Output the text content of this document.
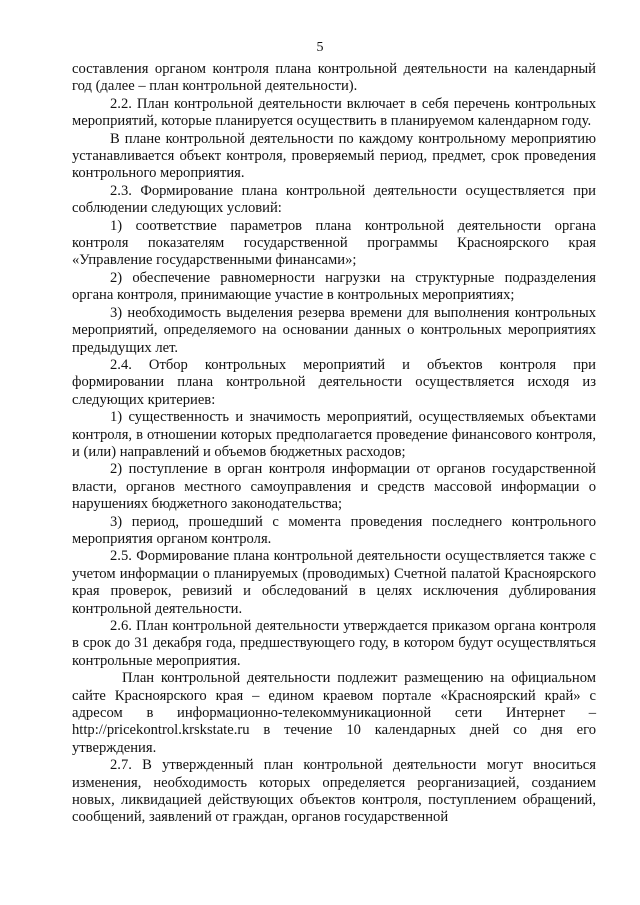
5

составления органом контроля плана контрольной деятельности на календарный год (далее – план контрольной деятельности).

2.2. План контрольной деятельности включает в себя перечень контрольных мероприятий, которые планируется осуществить в планируемом календарном году.

В плане контрольной деятельности по каждому контрольному мероприятию устанавливается объект контроля, проверяемый период, предмет, срок проведения контрольного мероприятия.

2.3. Формирование плана контрольной деятельности осуществляется при соблюдении следующих условий:

1) соответствие параметров плана контрольной деятельности органа контроля показателям государственной программы Красноярского края «Управление государственными финансами»;

2) обеспечение равномерности нагрузки на структурные подразделения органа контроля, принимающие участие в контрольных мероприятиях;

3) необходимость выделения резерва времени для выполнения контрольных мероприятий, определяемого на основании данных о контрольных мероприятиях предыдущих лет.

2.4. Отбор контрольных мероприятий и объектов контроля при формировании плана контрольной деятельности осуществляется исходя из следующих критериев:

1) существенность и значимость мероприятий, осуществляемых объектами контроля, в отношении которых предполагается проведение финансового контроля, и (или) направлений и объемов бюджетных расходов;

2) поступление в орган контроля информации от органов государственной власти, органов местного самоуправления и средств массовой информации о нарушениях бюджетного законодательства;

3) период, прошедший с момента проведения последнего контрольного мероприятия органом контроля.

2.5. Формирование плана контрольной деятельности осуществляется также с учетом информации о планируемых (проводимых) Счетной палатой Красноярского края проверок, ревизий и обследований в целях исключения дублирования контрольной деятельности.

2.6. План контрольной деятельности утверждается приказом органа контроля в срок до 31 декабря года, предшествующего году, в котором будут осуществляться контрольные мероприятия.

План контрольной деятельности подлежит размещению на официальном сайте Красноярского края – едином краевом портале «Красноярский край» с адресом в информационно-телекоммуникационной сети Интернет – http://pricekontrol.krskstate.ru в течение 10 календарных дней со дня его утверждения.

2.7. В утвержденный план контрольной деятельности могут вноситься изменения, необходимость которых определяется реорганизацией, созданием новых, ликвидацией действующих объектов контроля, поступлением обращений, сообщений, заявлений от граждан, органов государственной
